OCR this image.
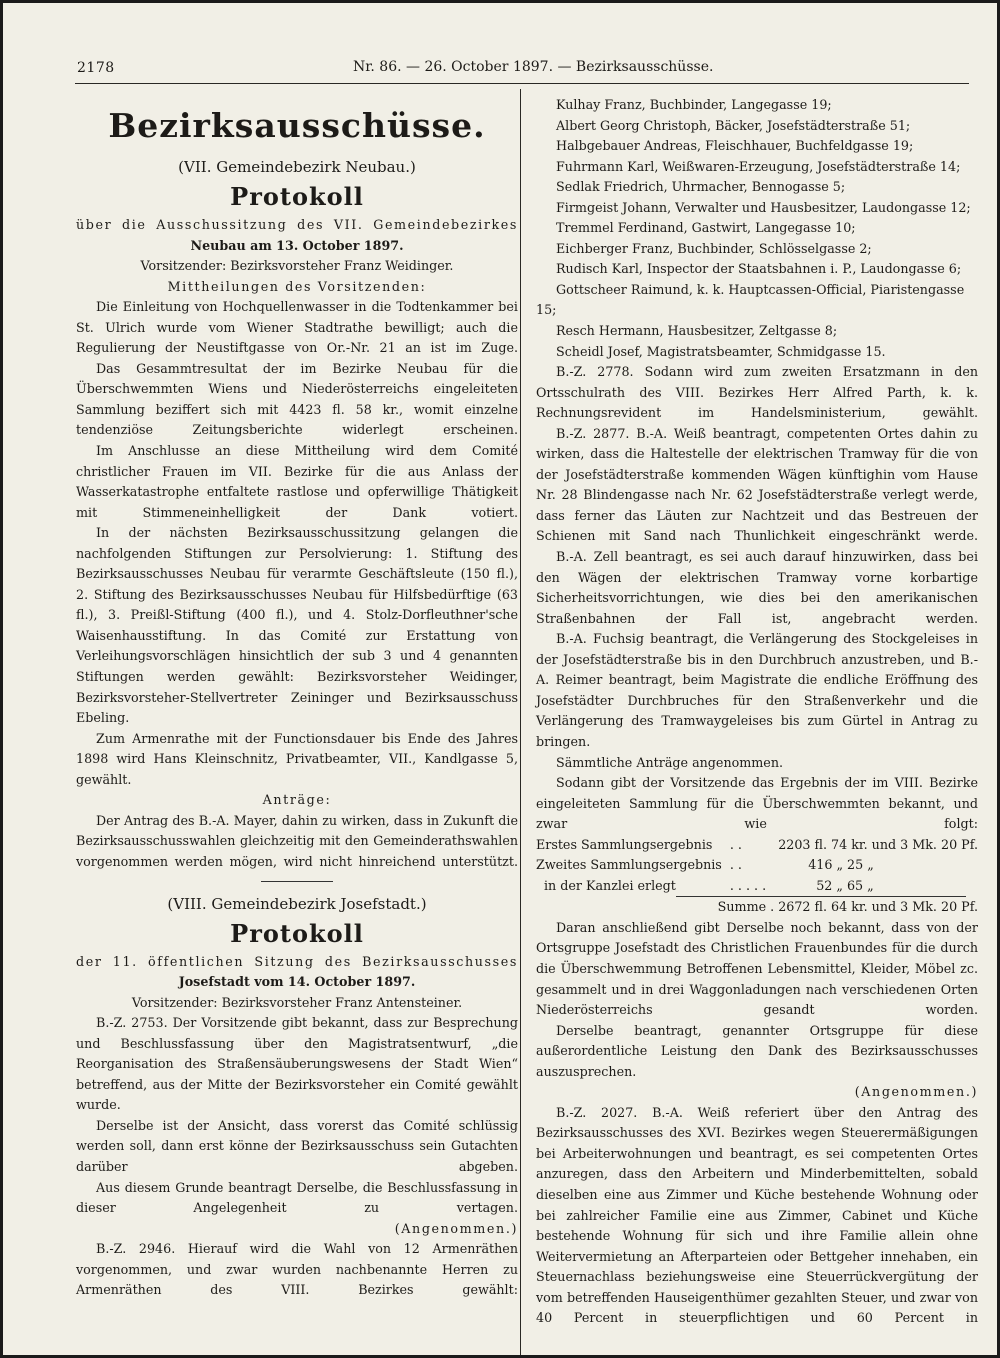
2178	Nr. 86. — 26. October 1897. — Bezirksausschüsse.
Bezirksausschüsse.
(VII. Gemeindebezirk Neubau.)
Protokoll

über die Ausschussitzung des VII. Gemeindebezirkes

Neubau am 13. October 1897.

Vorsitzender: Bezirksvorsteher Franz Weidinger.

Mittheilungen des Vorsitzenden:

Die Einleitung von Hochquellenwasser in die Todtenkammer bei St. Ulrich wurde vom Wiener Stadtrathe bewilligt; auch die Regulierung der Neustiftgasse von Or.-Nr. 21 an ist im Zuge.

Das Gesammtresultat der im Bezirke Neubau für die Überschwemmten Wiens und Niederösterreichs eingeleiteten Sammlung beziffert sich mit 4423 fl. 58 kr., womit einzelne tendenziöse Zeitungsberichte widerlegt erscheinen.

Im Anschlusse an diese Mittheilung wird dem Comité christlicher Frauen im VII. Bezirke für die aus Anlass der Wasserkatastrophe entfaltete rastlose und opferwillige Thätigkeit mit Stimmeneinhelligkeit der Dank votiert.

In der nächsten Bezirksausschussitzung gelangen die nachfolgenden Stiftungen zur Persolvierung: 1. Stiftung des Bezirksausschusses Neubau für verarmte Geschäftsleute (150 fl.), 2. Stiftung des Bezirksausschusses Neubau für Hilfsbedürftige (63 fl.), 3. Preißl-Stiftung (400 fl.), und 4. Stolz-Dorfleuthner'sche Waisenhausstiftung. In das Comité zur Erstattung von Verleihungsvorschlägen hinsichtlich der sub 3 und 4 genannten Stiftungen werden gewählt: Bezirksvorsteher Weidinger, Bezirksvorsteher-Stellvertreter Zeininger und Bezirksausschuss Ebeling.

Zum Armenrathe mit der Functionsdauer bis Ende des Jahres 1898 wird Hans Kleinschnitz, Privatbeamter, VII., Kandlgasse 5, gewählt.

Anträge:

Der Antrag des B.-A. Mayer, dahin zu wirken, dass in Zukunft die Bezirksausschusswahlen gleichzeitig mit den Gemeinderathswahlen vorgenommen werden mögen, wird nicht hinreichend unterstützt.

(VIII. Gemeindebezirk Josefstadt.)
Protokoll

der 11. öffentlichen Sitzung des Bezirksausschusses

Josefstadt vom 14. October 1897.

Vorsitzender: Bezirksvorsteher Franz Antensteiner.

B.-Z. 2753. Der Vorsitzende gibt bekannt, dass zur Besprechung und Beschlussfassung über den Magistratsentwurf, „die Reorganisation des Straßensäuberungswesens der Stadt Wien“ betreffend, aus der Mitte der Bezirksvorsteher ein Comité gewählt wurde.

Derselbe ist der Ansicht, dass vorerst das Comité schlüssig werden soll, dann erst könne der Bezirksausschuss sein Gutachten darüber abgeben.

Aus diesem Grunde beantragt Derselbe, die Beschlussfassung in dieser Angelegenheit zu vertagen.

(Angenommen.)

B.-Z. 2946. Hierauf wird die Wahl von 12 Armenräthen vorgenommen, und zwar wurden nachbenannte Herren zu Armenräthen des VIII. Bezirkes gewählt:

Kulhay Franz, Buchbinder, Langegasse 19;

Albert Georg Christoph, Bäcker, Josefstädterstraße 51;

Halbgebauer Andreas, Fleischhauer, Buchfeldgasse 19;

Fuhrmann Karl, Weißwaren-Erzeugung, Josefstädterstraße 14;

Sedlak Friedrich, Uhrmacher, Bennogasse 5;

Firmgeist Johann, Verwalter und Hausbesitzer, Laudongasse 12;

Tremmel Ferdinand, Gastwirt, Langegasse 10;

Eichberger Franz, Buchbinder, Schlösselgasse 2;

Rudisch Karl, Inspector der Staatsbahnen i. P., Laudongasse 6;

Gottscheer Raimund, k. k. Hauptcassen-Official, Piaristengasse 15;

Resch Hermann, Hausbesitzer, Zeltgasse 8;

Scheidl Josef, Magistratsbeamter, Schmidgasse 15.

B.-Z. 2778. Sodann wird zum zweiten Ersatzmann in den Ortsschulrath des VIII. Bezirkes Herr Alfred Parth, k. k. Rechnungsrevident im Handelsministerium, gewählt.

B.-Z. 2877. B.-A. Weiß beantragt, competenten Ortes dahin zu wirken, dass die Haltestelle der elektrischen Tramway für die von der Josefstädterstraße kommenden Wägen künftighin vom Hause Nr. 28 Blindengasse nach Nr. 62 Josefstädterstraße verlegt werde, dass ferner das Läuten zur Nachtzeit und das Bestreuen der Schienen mit Sand nach Thunlichkeit eingeschränkt werde.

B.-A. Zell beantragt, es sei auch darauf hinzuwirken, dass bei den Wägen der elektrischen Tramway vorne korbartige Sicherheitsvorrichtungen, wie dies bei den amerikanischen Straßenbahnen der Fall ist, angebracht werden.

B.-A. Fuchsig beantragt, die Verlängerung des Stockgeleises in der Josefstädterstraße bis in den Durchbruch anzustreben, und B.-A. Reimer beantragt, beim Magistrate die endliche Eröffnung des Josefstädter Durchbruches für den Straßenverkehr und die Verlängerung des Tramwaygeleises bis zum Gürtel in Antrag zu bringen.

Sämmtliche Anträge angenommen.

Sodann gibt der Vorsitzende das Ergebnis der im VIII. Bezirke eingeleiteten Sammlung für die Überschwemmten bekannt, und zwar wie folgt:

Erstes Sammlungsergebnis	. .	2203 fl. 74 kr. und 3 Mk. 20 Pf.
Zweites Sammlungsergebnis	. .	416 „ 25 „
in der Kanzlei erlegt	. . . . .	52 „ 65 „

Summe . 2672 fl. 64 kr. und 3 Mk. 20 Pf.

Daran anschließend gibt Derselbe noch bekannt, dass von der Ortsgruppe Josefstadt des Christlichen Frauenbundes für die durch die Überschwemmung Betroffenen Lebensmittel, Kleider, Möbel zc. gesammelt und in drei Waggonladungen nach verschiedenen Orten Niederösterreichs gesandt worden.

Derselbe beantragt, genannter Ortsgruppe für diese außerordentliche Leistung den Dank des Bezirksausschusses auszusprechen.

(Angenommen.)

B.-Z. 2027. B.-A. Weiß referiert über den Antrag des Bezirksausschusses des XVI. Bezirkes wegen Steuerermäßigungen bei Arbeiterwohnungen und beantragt, es sei competenten Ortes anzuregen, dass den Arbeitern und Minderbemittelten, sobald dieselben eine aus Zimmer und Küche bestehende Wohnung oder bei zahlreicher Familie eine aus Zimmer, Cabinet und Küche bestehende Wohnung für sich und ihre Familie allein ohne Weitervermietung an Afterparteien oder Bettgeher innehaben, ein Steuernachlass beziehungsweise eine Steuerrückvergütung der vom betreffenden Hauseigenthümer gezahlten Steuer, und zwar von 40 Percent in steuerpflichtigen und 60 Percent in
